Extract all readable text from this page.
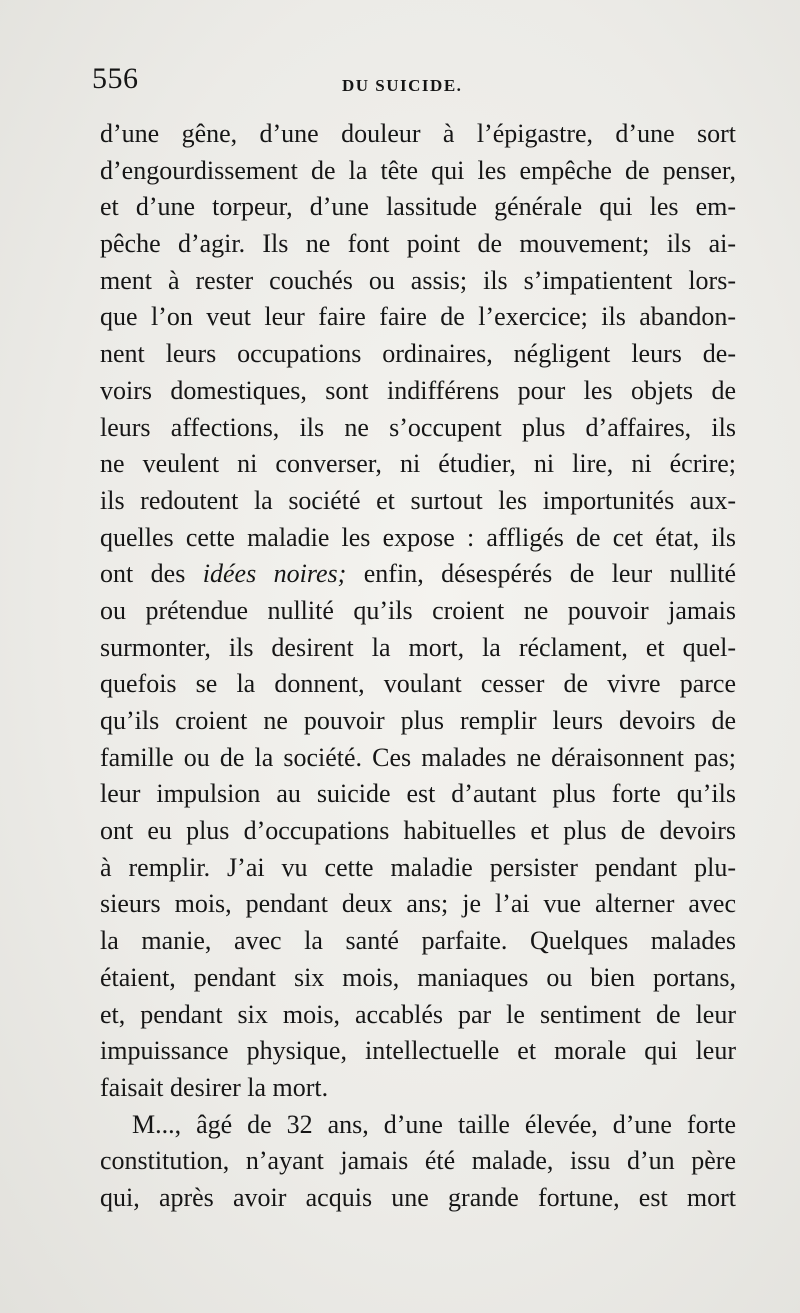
556	DU SUICIDE.
d’une gêne, d’une douleur à l’épigastre, d’une sort
d’engourdissement de la tête qui les empêche de penser,
et d’une torpeur, d’une lassitude générale qui les em-
pêche d’agir. Ils ne font point de mouvement; ils ai-
ment à rester couchés ou assis; ils s’impatientent lors-
que l’on veut leur faire faire de l’exercice; ils abandon-
nent leurs occupations ordinaires, négligent leurs de-
voirs domestiques, sont indifférens pour les objets de
leurs affections, ils ne s’occupent plus d’affaires, ils
ne veulent ni converser, ni étudier, ni lire, ni écrire;
ils redoutent la société et surtout les importunités aux-
quelles cette maladie les expose : affligés de cet état, ils
ont des idées noires; enfin, désespérés de leur nullité
ou prétendue nullité qu’ils croient ne pouvoir jamais
surmonter, ils desirent la mort, la réclament, et quel-
quefois se la donnent, voulant cesser de vivre parce
qu’ils croient ne pouvoir plus remplir leurs devoirs de
famille ou de la société. Ces malades ne déraisonnent pas;
leur impulsion au suicide est d’autant plus forte qu’ils
ont eu plus d’occupations habituelles et plus de devoirs
à remplir. J’ai vu cette maladie persister pendant plu-
sieurs mois, pendant deux ans; je l’ai vue alterner avec
la manie, avec la santé parfaite. Quelques malades
étaient, pendant six mois, maniaques ou bien portans,
et, pendant six mois, accablés par le sentiment de leur
impuissance physique, intellectuelle et morale qui leur
faisait desirer la mort.
M..., âgé de 32 ans, d’une taille élevée, d’une forte
constitution, n’ayant jamais été malade, issu d’un père
qui, après avoir acquis une grande fortune, est mort
